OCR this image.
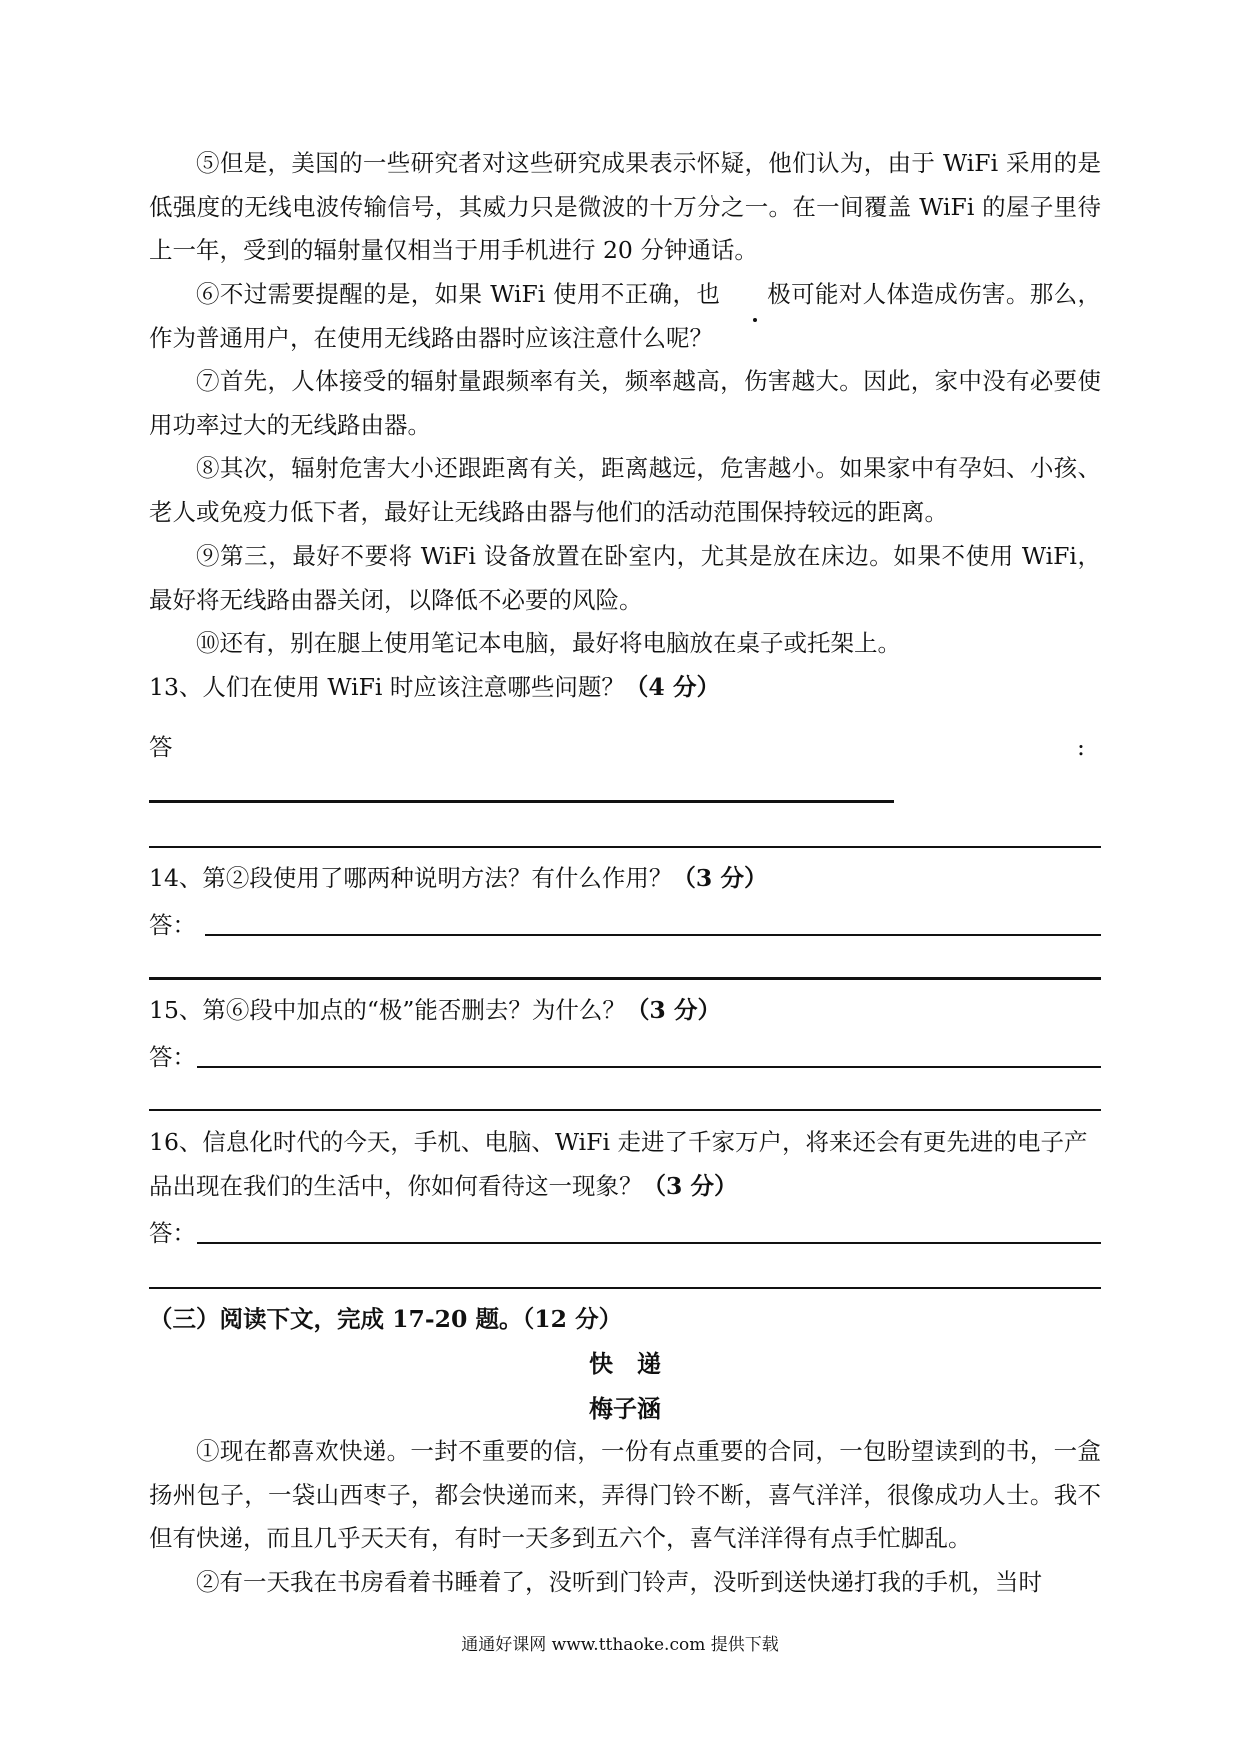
⑤但是，美国的一些研究者对这些研究成果表示怀疑，他们认为，由于 WiFi 采用的是低强度的无线电波传输信号，其威力只是微波的十万分之一。在一间覆盖 WiFi 的屋子里待上一年，受到的辐射量仅相当于用手机进行 20 分钟通话。

⑥不过需要提醒的是，如果 WiFi 使用不正确，也 极可能对人体造成伤害。那么，作为普通用户，在使用无线路由器时应该注意什么呢？

⑦首先，人体接受的辐射量跟频率有关，频率越高，伤害越大。因此，家中没有必要使用功率过大的无线路由器。

⑧其次，辐射危害大小还跟距离有关，距离越远，危害越小。如果家中有孕妇、小孩、老人或免疫力低下者，最好让无线路由器与他们的活动范围保持较远的距离。

⑨第三，最好不要将 WiFi 设备放置在卧室内，尤其是放在床边。如果不使用 WiFi，最好将无线路由器关闭，以降低不必要的风险。

⑩还有，别在腿上使用笔记本电脑，最好将电脑放在桌子或托架上。

13、人们在使用 WiFi 时应该注意哪些问题？（4 分）

答	:

14、第②段使用了哪两种说明方法？有什么作用？（3 分）

答：

15、第⑥段中加点的“极”能否删去？为什么？（3 分）

答：

16、信息化时代的今天，手机、电脑、WiFi 走进了千家万户，将来还会有更先进的电子产品出现在我们的生活中，你如何看待这一现象？（3 分）

答：
（三）阅读下文，完成 17-20 题。（12 分）
快　递
梅子涵

①现在都喜欢快递。一封不重要的信，一份有点重要的合同，一包盼望读到的书，一盒扬州包子，一袋山西枣子，都会快递而来，弄得门铃不断，喜气洋洋，很像成功人士。我不但有快递，而且几乎天天有，有时一天多到五六个，喜气洋洋得有点手忙脚乱。

②有一天我在书房看着书睡着了，没听到门铃声，没听到送快递打我的手机，当时

通通好课网 www.tthaoke.com 提供下载
